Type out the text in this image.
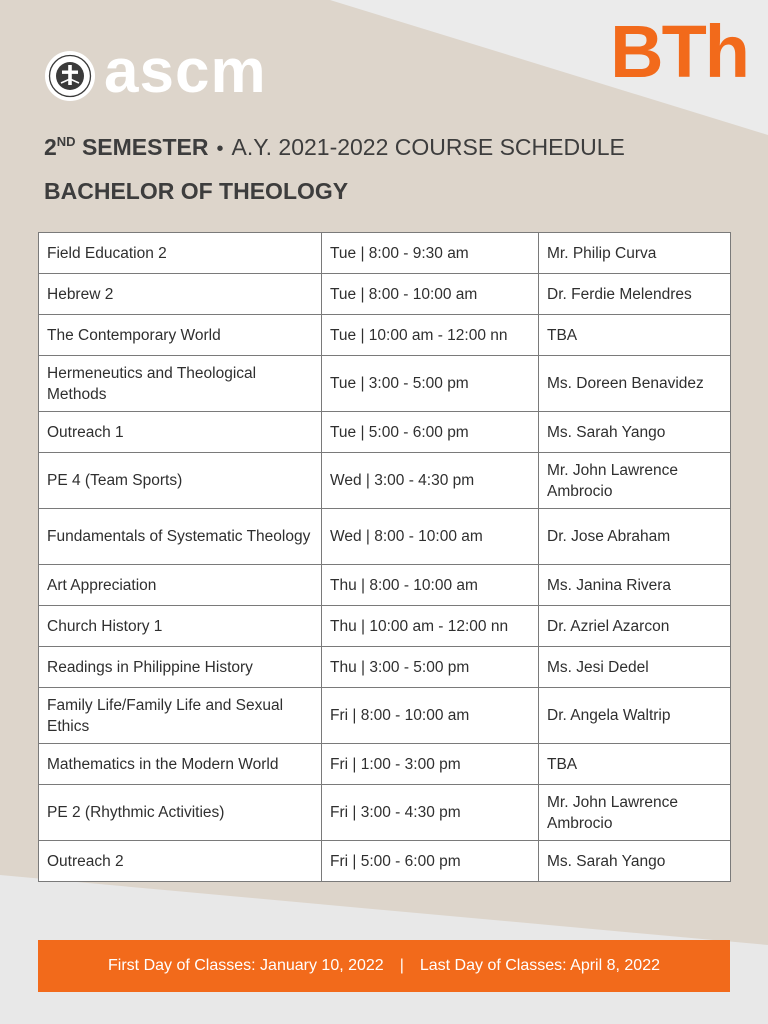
ascm	BTh
2ND SEMESTER • A.Y. 2021-2022 COURSE SCHEDULE
BACHELOR OF THEOLOGY
Field Education 2	Tue | 8:00 - 9:30 am	Mr. Philip Curva
Hebrew 2	Tue | 8:00 - 10:00 am	Dr. Ferdie Melendres
The Contemporary World	Tue | 10:00 am - 12:00 nn	TBA
Hermeneutics and Theological Methods	Tue | 3:00 - 5:00 pm	Ms. Doreen Benavidez
Outreach 1	Tue | 5:00 - 6:00 pm	Ms. Sarah Yango
PE 4 (Team Sports)	Wed | 3:00 - 4:30 pm	Mr. John Lawrence Ambrocio
Fundamentals of Systematic Theology	Wed | 8:00 - 10:00 am	Dr. Jose Abraham
Art Appreciation	Thu | 8:00 - 10:00 am	Ms. Janina Rivera
Church History 1	Thu | 10:00 am - 12:00 nn	Dr. Azriel Azarcon
Readings in Philippine History	Thu | 3:00 - 5:00 pm	Ms. Jesi Dedel
Family Life/Family Life and Sexual Ethics	Fri | 8:00 - 10:00 am	Dr. Angela Waltrip
Mathematics in the Modern World	Fri | 1:00 - 3:00 pm	TBA
PE 2 (Rhythmic Activities)	Fri | 3:00 - 4:30 pm	Mr. John Lawrence Ambrocio
Outreach 2	Fri | 5:00 - 6:00 pm	Ms. Sarah Yango
First Day of Classes: January 10, 2022 | Last Day of Classes: April 8, 2022
